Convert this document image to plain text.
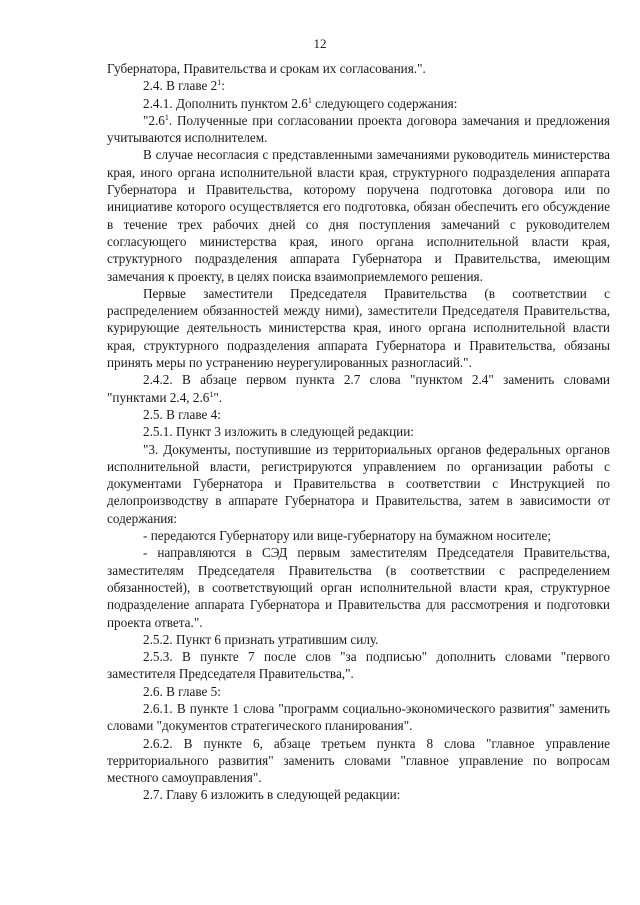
12

Губернатора, Правительства и срокам их согласования.".

2.4. В главе $2^1$:

2.4.1. Дополнить пунктом $2.6^1$ следующего содержания:

"$2.6^1$. Полученные при согласовании проекта договора замечания и предложения учитываются исполнителем.

В случае несогласия с представленными замечаниями руководитель министерства края, иного органа исполнительной власти края, структурного подразделения аппарата Губернатора и Правительства, которому поручена подготовка договора или по инициативе которого осуществляется его подготовка, обязан обеспечить его обсуждение в течение трех рабочих дней со дня поступления замечаний с руководителем согласующего министерства края, иного органа исполнительной власти края, структурного подразделения аппарата Губернатора и Правительства, имеющим замечания к проекту, в целях поиска взаимоприемлемого решения.

Первые заместители Председателя Правительства (в соответствии с распределением обязанностей между ними), заместители Председателя Правительства, курирующие деятельность министерства края, иного органа исполнительной власти края, структурного подразделения аппарата Губернатора и Правительства, обязаны принять меры по устранению неурегулированных разногласий.".

2.4.2. В абзаце первом пункта 2.7 слова "пунктом 2.4" заменить словами "пунктами 2.4, $2.6^1$".

2.5. В главе 4:

2.5.1. Пункт 3 изложить в следующей редакции:

"3. Документы, поступившие из территориальных органов федеральных органов исполнительной власти, регистрируются управлением по организации работы с документами Губернатора и Правительства в соответствии с Инструкцией по делопроизводству в аппарате Губернатора и Правительства, затем в зависимости от содержания:

- передаются Губернатору или вице-губернатору на бумажном носителе;

- направляются в СЭД первым заместителям Председателя Правительства, заместителям Председателя Правительства (в соответствии с распределением обязанностей), в соответствующий орган исполнительной власти края, структурное подразделение аппарата Губернатора и Правительства для рассмотрения и подготовки проекта ответа.".

2.5.2. Пункт 6 признать утратившим силу.

2.5.3. В пункте 7 после слов "за подписью" дополнить словами "первого заместителя Председателя Правительства,".

2.6. В главе 5:

2.6.1. В пункте 1 слова "программ социально-экономического развития" заменить словами "документов стратегического планирования".

2.6.2. В пункте 6, абзаце третьем пункта 8 слова "главное управление территориального развития" заменить словами "главное управление по вопросам местного самоуправления".

2.7. Главу 6 изложить в следующей редакции:
